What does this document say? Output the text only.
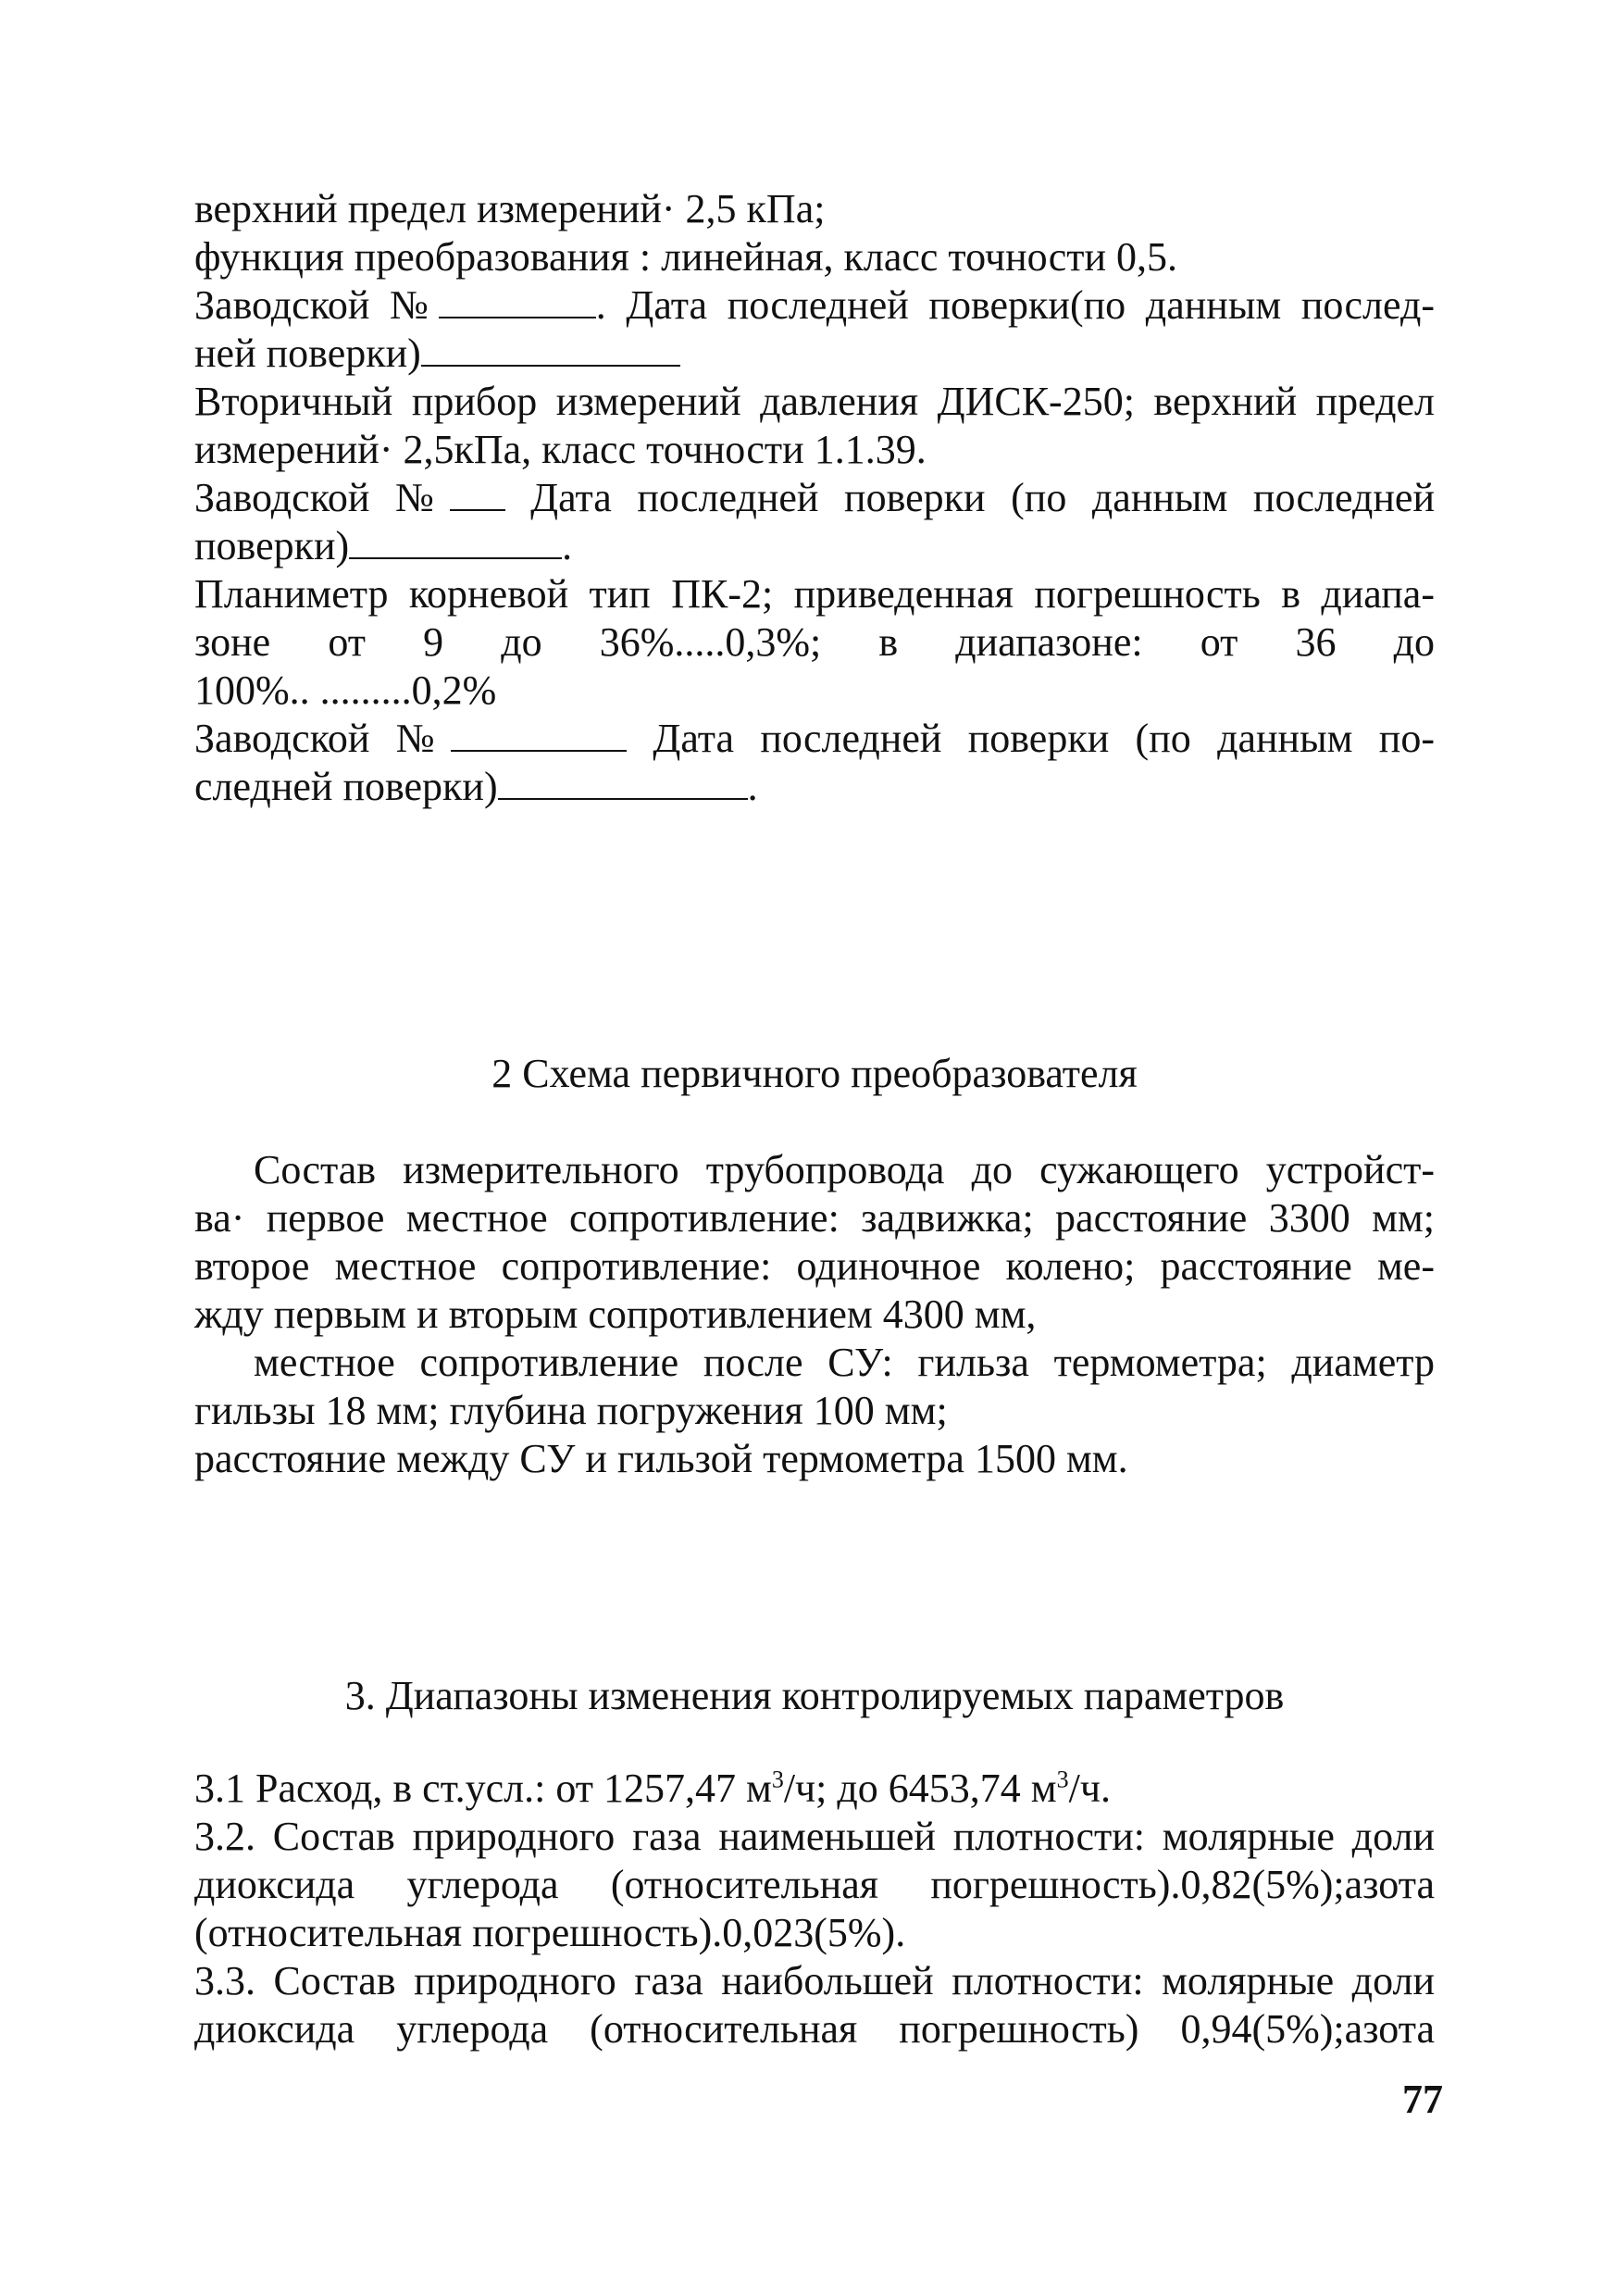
верхний предел измерений· 2,5 кПа;
функция преобразования : линейная, класс точности 0,5.
Заводской №	. Дата последней поверки(по данным послед-
ней поверки)
Вторичный прибор измерений давления ДИСК-250; верхний предел
измерений· 2,5кПа, класс точности 1.1.39.
Заводской № Дата последней поверки (по данным последней
поверки)	.
Планиметр корневой тип ПК-2; приведенная погрешность в диапа-
зоне от 9 до 36%.....0,3%; в диапазоне: от 36 до
100%.. .........0,2%
Заводской №	Дата последней поверки (по данным по-
следней поверки)	.
2 Схема первичного преобразователя
Состав измерительного трубопровода до сужающего устройст-
ва· первое местное сопротивление: задвижка; расстояние 3300 мм;
второе местное сопротивление: одиночное колено; расстояние ме-
жду первым и вторым сопротивлением 4300 мм,
местное сопротивление после СУ: гильза термометра; диаметр
гильзы 18 мм; глубина погружения 100 мм;
расстояние между СУ и гильзой термометра 1500 мм.
3. Диапазоны изменения контролируемых параметров
3.1 Расход, в ст.усл.: от 1257,47 $м^3/ч$; до 6453,74 $м^3/ч$.
3.2. Состав природного газа наименьшей плотности: молярные доли
диоксида углерода (относительная погрешность).0,82(5%);азота
(относительная погрешность).0,023(5%).
3.3. Состав природного газа наибольшей плотности: молярные доли
диоксида углерода (относительная погрешность) 0,94(5%);азота
77
